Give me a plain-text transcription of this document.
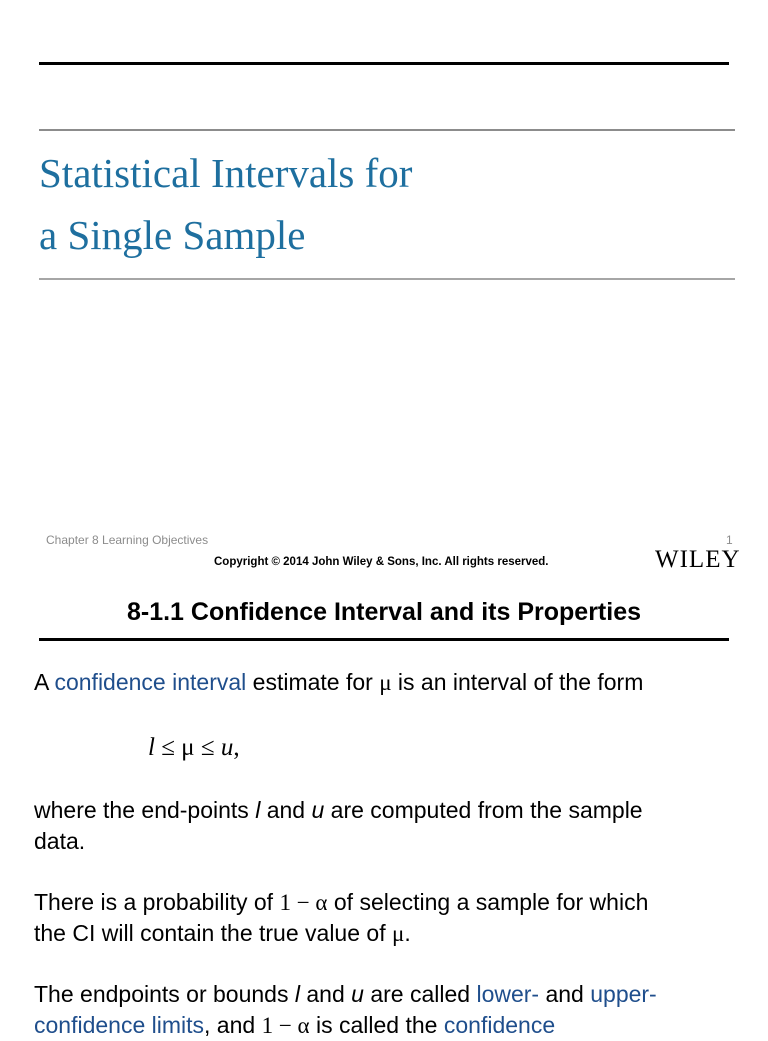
Statistical Intervals for
a Single Sample
Chapter 8 Learning Objectives	1
Copyright © 2014 John Wiley & Sons, Inc. All rights reserved.	WILEY
8-1.1 Confidence Interval and its Properties
A confidence interval estimate for μ is an interval of the form
l ≤ μ ≤ u,
where the end-points l and u are computed from the sample
data.
There is a probability of 1 − α of selecting a sample for which
the CI will contain the true value of μ.
The endpoints or bounds l and u are called lower- and upper-
confidence limits, and 1 − α is called the confidence
